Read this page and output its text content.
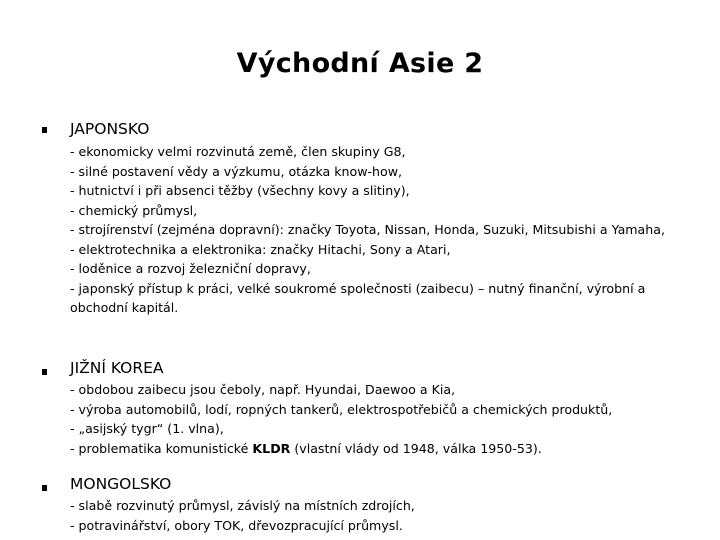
Východní Asie 2
JAPONSKO
- ekonomicky velmi rozvinutá země, člen skupiny G8,
- silné postavení vědy a výzkumu, otázka know-how,
- hutnictví i při absenci těžby (všechny kovy a slitiny),
- chemický průmysl,
- strojírenství (zejména dopravní): značky Toyota, Nissan, Honda, Suzuki, Mitsubishi a Yamaha,
- elektrotechnika a elektronika: značky Hitachi, Sony a Atari,
- loděnice a rozvoj železniční dopravy,
- japonský přístup k práci, velké soukromé společnosti (zaibecu) – nutný finanční, výrobní a obchodní kapitál.
JIŽNÍ KOREA
- obdobou zaibecu jsou čeboly, např. Hyundai, Daewoo a Kia,
- výroba automobilů, lodí, ropných tankerů, elektrospotřebičů a chemických produktů,
- „asijský tygr“ (1. vlna),
- problematika komunistické KLDR (vlastní vlády od 1948, válka 1950-53).
MONGOLSKO
- slabě rozvinutý průmysl, závislý na místních zdrojích,
- potravinářství, obory TOK, dřevozpracující průmysl.
